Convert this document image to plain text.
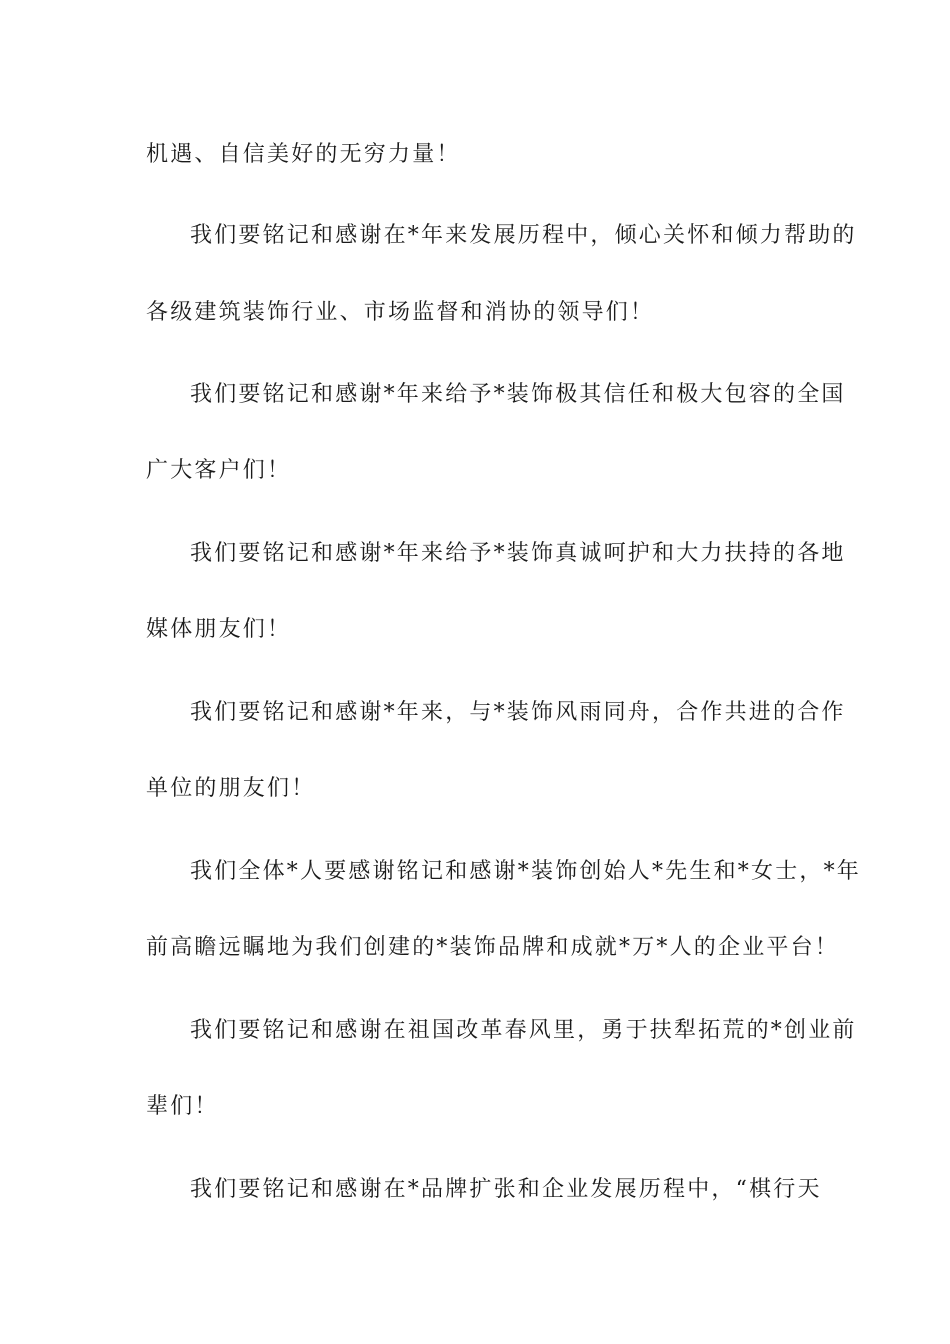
机遇、自信美好的无穷力量！
我们要铭记和感谢在*年来发展历程中，倾心关怀和倾力帮助的
各级建筑装饰行业、市场监督和消协的领导们！
我们要铭记和感谢*年来给予*装饰极其信任和极大包容的全国
广大客户们！
我们要铭记和感谢*年来给予*装饰真诚呵护和大力扶持的各地
媒体朋友们！
我们要铭记和感谢*年来，与*装饰风雨同舟，合作共进的合作
单位的朋友们！
我们全体*人要感谢铭记和感谢*装饰创始人*先生和*女士，*年
前高瞻远瞩地为我们创建的*装饰品牌和成就*万*人的企业平台！
我们要铭记和感谢在祖国改革春风里，勇于扶犁拓荒的*创业前
辈们！
我们要铭记和感谢在*品牌扩张和企业发展历程中，“棋行天
